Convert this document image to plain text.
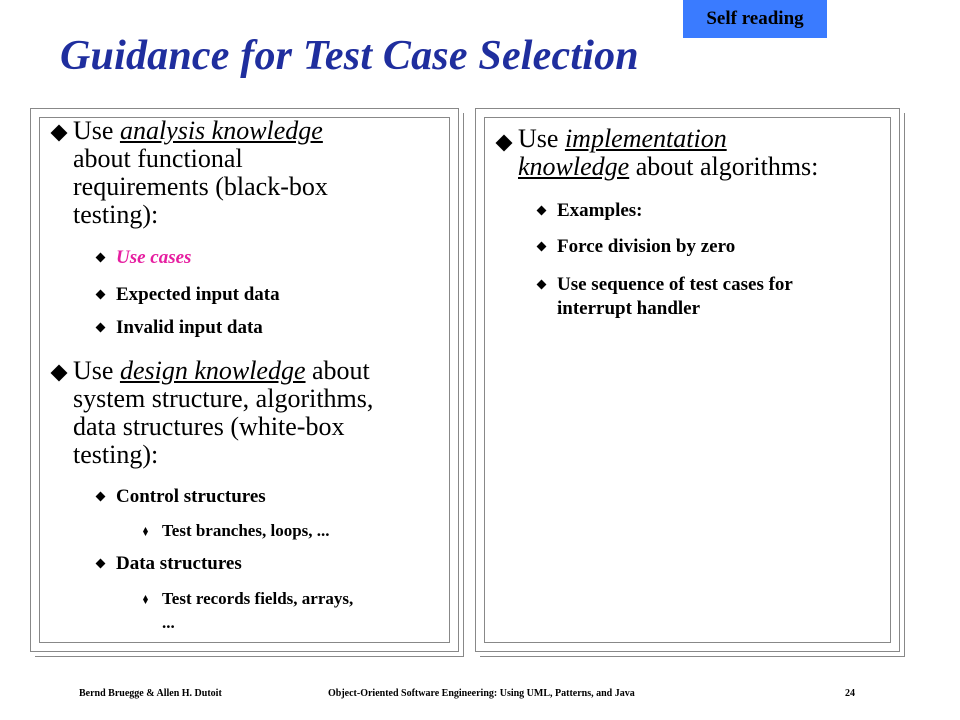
Self reading
Guidance for Test Case Selection
Use analysis knowledge
about functional
requirements (black-box
testing):
Use cases
Expected input data
Invalid input data
Use design knowledge about
system structure, algorithms,
data structures (white-box
testing):
Control structures
Test branches, loops, ...
Data structures
Test records fields, arrays,
...
Use implementation
knowledge about algorithms:
Examples:
Force division by zero
Use sequence of test cases for
interrupt handler
Bernd Bruegge & Allen H. Dutoit	Object-Oriented Software Engineering: Using UML, Patterns, and Java	24
